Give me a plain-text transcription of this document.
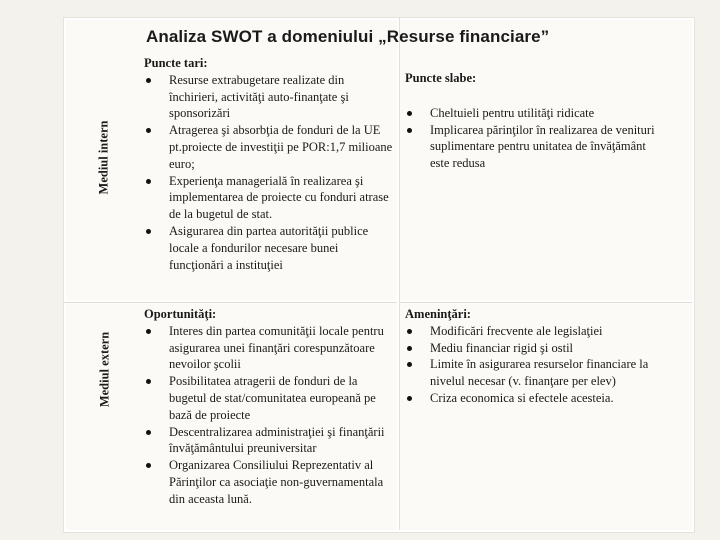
Analiza SWOT a domeniului „Resurse financiare”
Mediul intern
Mediul extern
Puncte tari:
Resurse extrabugetare realizate din închirieri, activităţi auto-finanţate şi sponsorizări
Atragerea şi absorbţia de fonduri de la UE pt.proiecte de investiţii pe POR:1,7 milioane euro;
Experienţa managerială în realizarea şi implementarea de proiecte cu fonduri atrase de la bugetul de stat.
Asigurarea din partea autorităţii publice locale a fondurilor necesare bunei funcţionări a instituţiei
Puncte slabe:
Cheltuieli pentru utilităţi ridicate
Implicarea părinţilor în realizarea de venituri suplimentare pentru unitatea de învăţământ este redusa
Oportunităţi:
Interes din partea comunităţii locale pentru asigurarea unei finanţări corespunzătoare nevoilor şcolii
Posibilitatea atragerii de fonduri de la bugetul de stat/comunitatea europeană pe bază de proiecte
Descentralizarea administraţiei şi finanţării învăţământului preuniversitar
Organizarea Consiliului Reprezentativ al Părinţilor ca asociaţie non-guvernamentala din aceasta lună.
Ameninţări:
Modificări frecvente ale legislaţiei
Mediu financiar rigid şi ostil
Limite în asigurarea resurselor financiare la nivelul necesar (v. finanţare per elev)
Criza economica si efectele acesteia.
